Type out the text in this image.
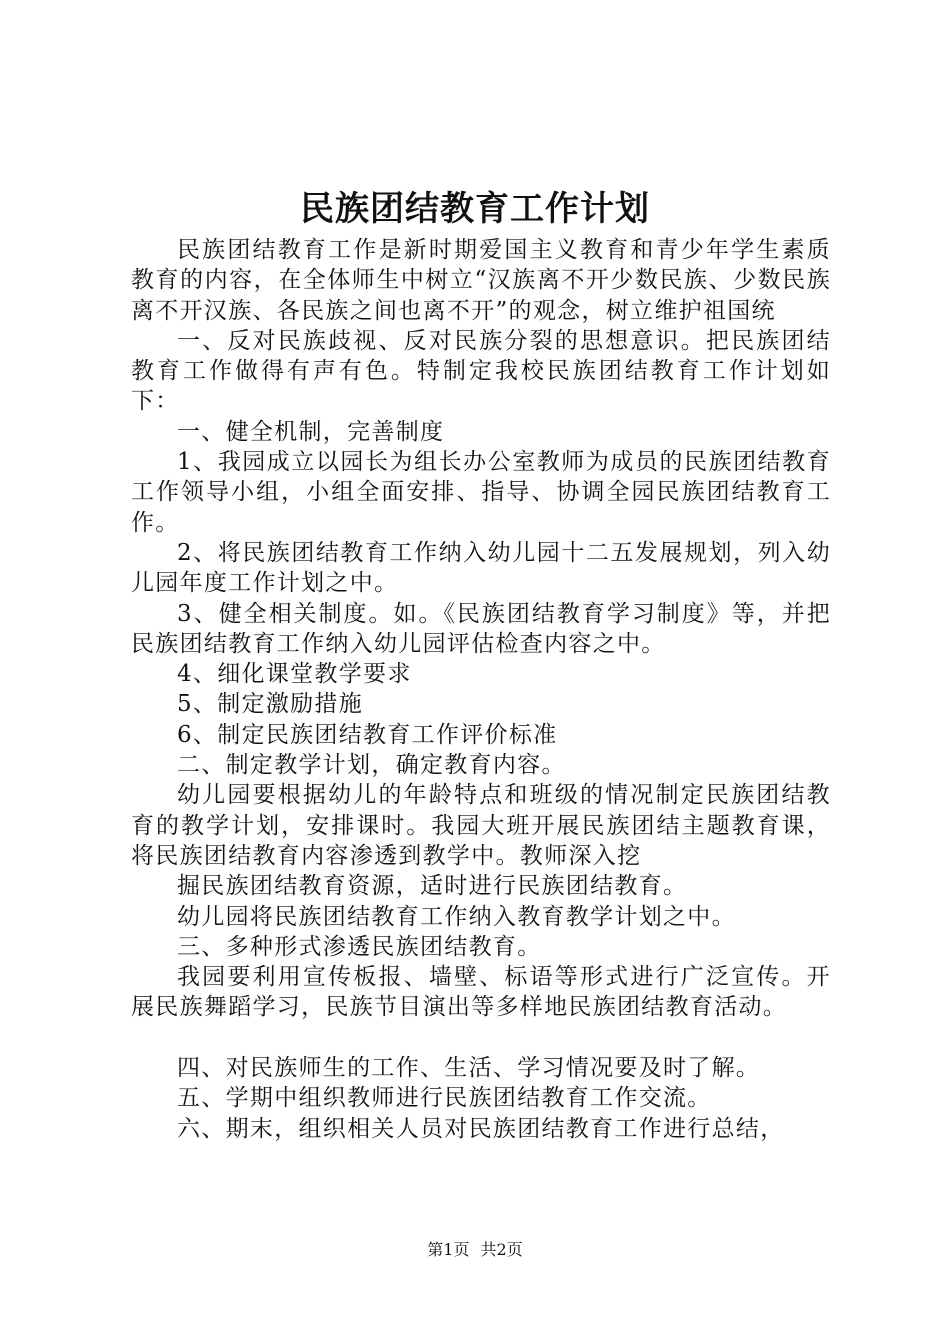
民族团结教育工作计划

民族团结教育工作是新时期爱国主义教育和青少年学生素质教育的内容，在全体师生中树立“汉族离不开少数民族、少数民族离不开汉族、各民族之间也离不开”的观念，树立维护祖国统

一、反对民族歧视、反对民族分裂的思想意识。把民族团结教育工作做得有声有色。特制定我校民族团结教育工作计划如下：

一、健全机制，完善制度

1、我园成立以园长为组长办公室教师为成员的民族团结教育工作领导小组，小组全面安排、指导、协调全园民族团结教育工作。

2、将民族团结教育工作纳入幼儿园十二五发展规划，列入幼儿园年度工作计划之中。

3、健全相关制度。如。《民族团结教育学习制度》等，并把民族团结教育工作纳入幼儿园评估检查内容之中。

4、细化课堂教学要求

5、制定激励措施

6、制定民族团结教育工作评价标准

二、制定教学计划，确定教育内容。

幼儿园要根据幼儿的年龄特点和班级的情况制定民族团结教育的教学计划，安排课时。我园大班开展民族团结主题教育课，将民族团结教育内容渗透到教学中。教师深入挖

掘民族团结教育资源，适时进行民族团结教育。

幼儿园将民族团结教育工作纳入教育教学计划之中。

三、多种形式渗透民族团结教育。

我园要利用宣传板报、墙壁、标语等形式进行广泛宣传。开展民族舞蹈学习，民族节目演出等多样地民族团结教育活动。

四、对民族师生的工作、生活、学习情况要及时了解。

五、学期中组织教师进行民族团结教育工作交流。

六、期末，组织相关人员对民族团结教育工作进行总结，

第1页 共2页
